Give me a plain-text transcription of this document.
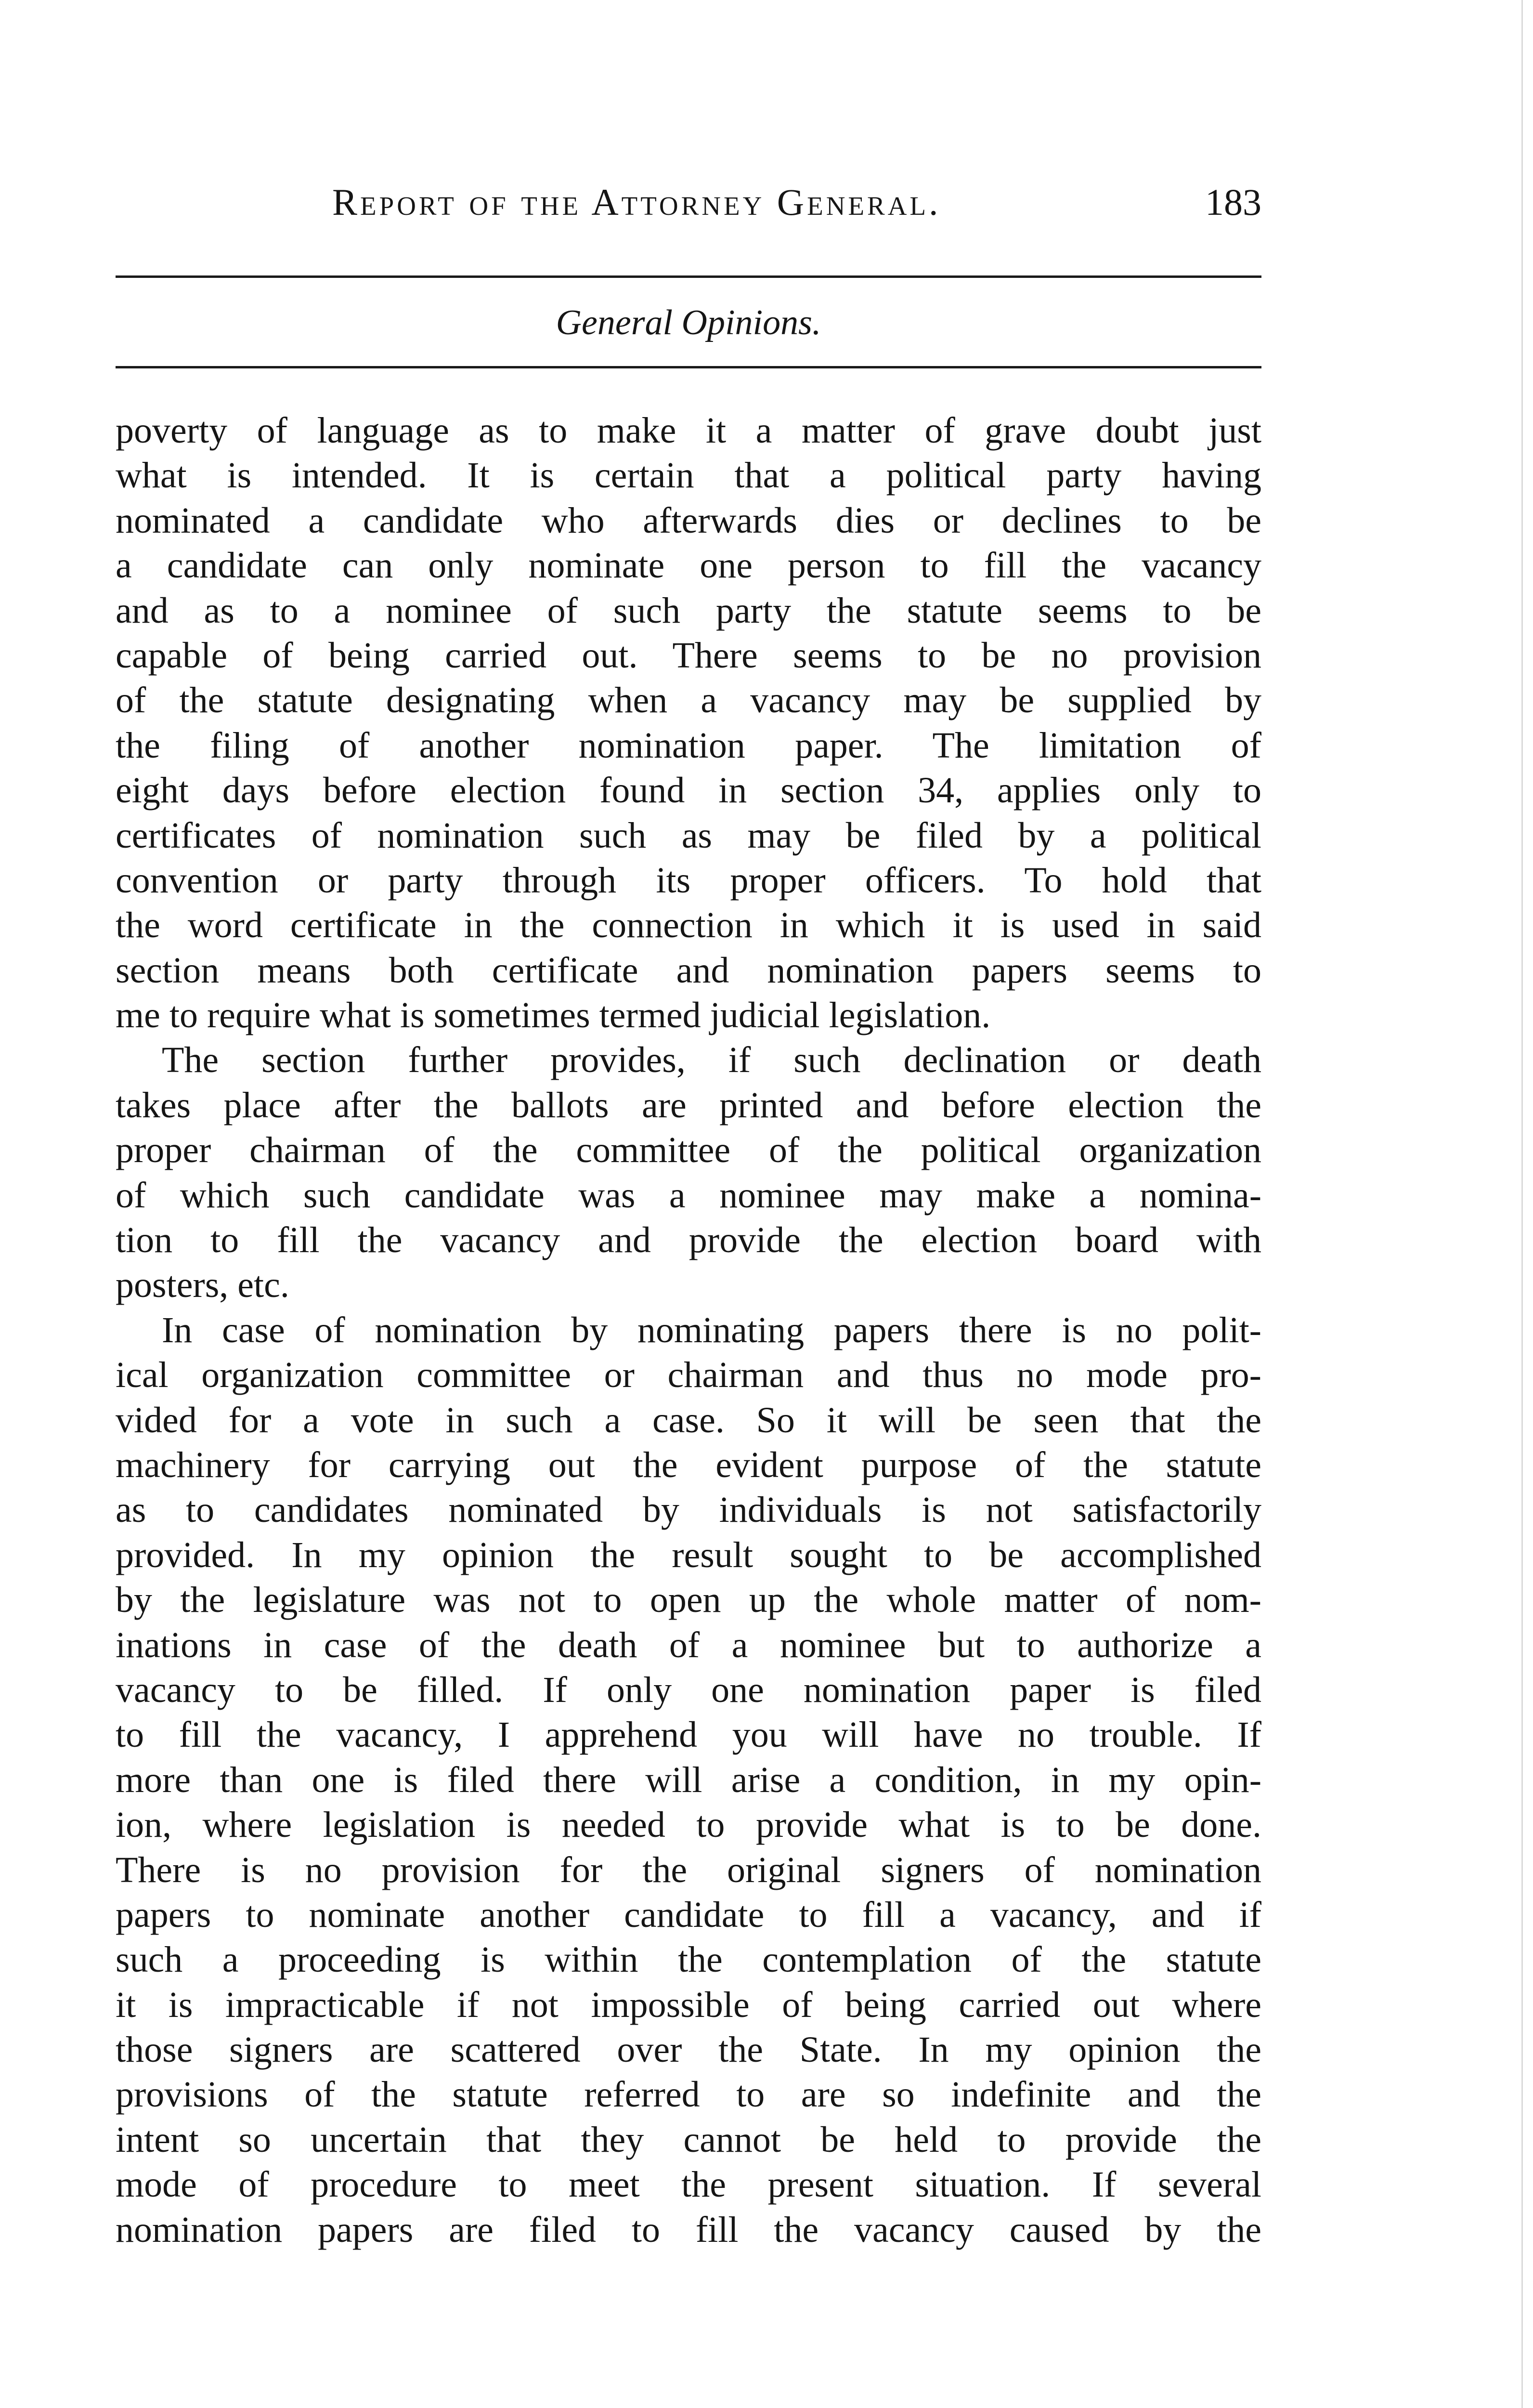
Report of the Attorney General.	183
General Opinions.
poverty of language as to make it a matter of grave doubt just
what is intended. It is certain that a political party having
nominated a candidate who afterwards dies or declines to be
a candidate can only nominate one person to fill the vacancy
and as to a nominee of such party the statute seems to be
capable of being carried out. There seems to be no provision
of the statute designating when a vacancy may be supplied by
the filing of another nomination paper. The limitation of
eight days before election found in section 34, applies only to
certificates of nomination such as may be filed by a political
convention or party through its proper officers. To hold that
the word certificate in the connection in which it is used in said
section means both certificate and nomination papers seems to
me to require what is sometimes termed judicial legislation.
The section further provides, if such declination or death
takes place after the ballots are printed and before election the
proper chairman of the committee of the political organization
of which such candidate was a nominee may make a nomina-
tion to fill the vacancy and provide the election board with
posters, etc.
In case of nomination by nominating papers there is no polit-
ical organization committee or chairman and thus no mode pro-
vided for a vote in such a case. So it will be seen that the
machinery for carrying out the evident purpose of the statute
as to candidates nominated by individuals is not satisfactorily
provided. In my opinion the result sought to be accomplished
by the legislature was not to open up the whole matter of nom-
inations in case of the death of a nominee but to authorize a
vacancy to be filled. If only one nomination paper is filed
to fill the vacancy, I apprehend you will have no trouble. If
more than one is filed there will arise a condition, in my opin-
ion, where legislation is needed to provide what is to be done.
There is no provision for the original signers of nomination
papers to nominate another candidate to fill a vacancy, and if
such a proceeding is within the contemplation of the statute
it is impracticable if not impossible of being carried out where
those signers are scattered over the State. In my opinion the
provisions of the statute referred to are so indefinite and the
intent so uncertain that they cannot be held to provide the
mode of procedure to meet the present situation. If several
nomination papers are filed to fill the vacancy caused by the
